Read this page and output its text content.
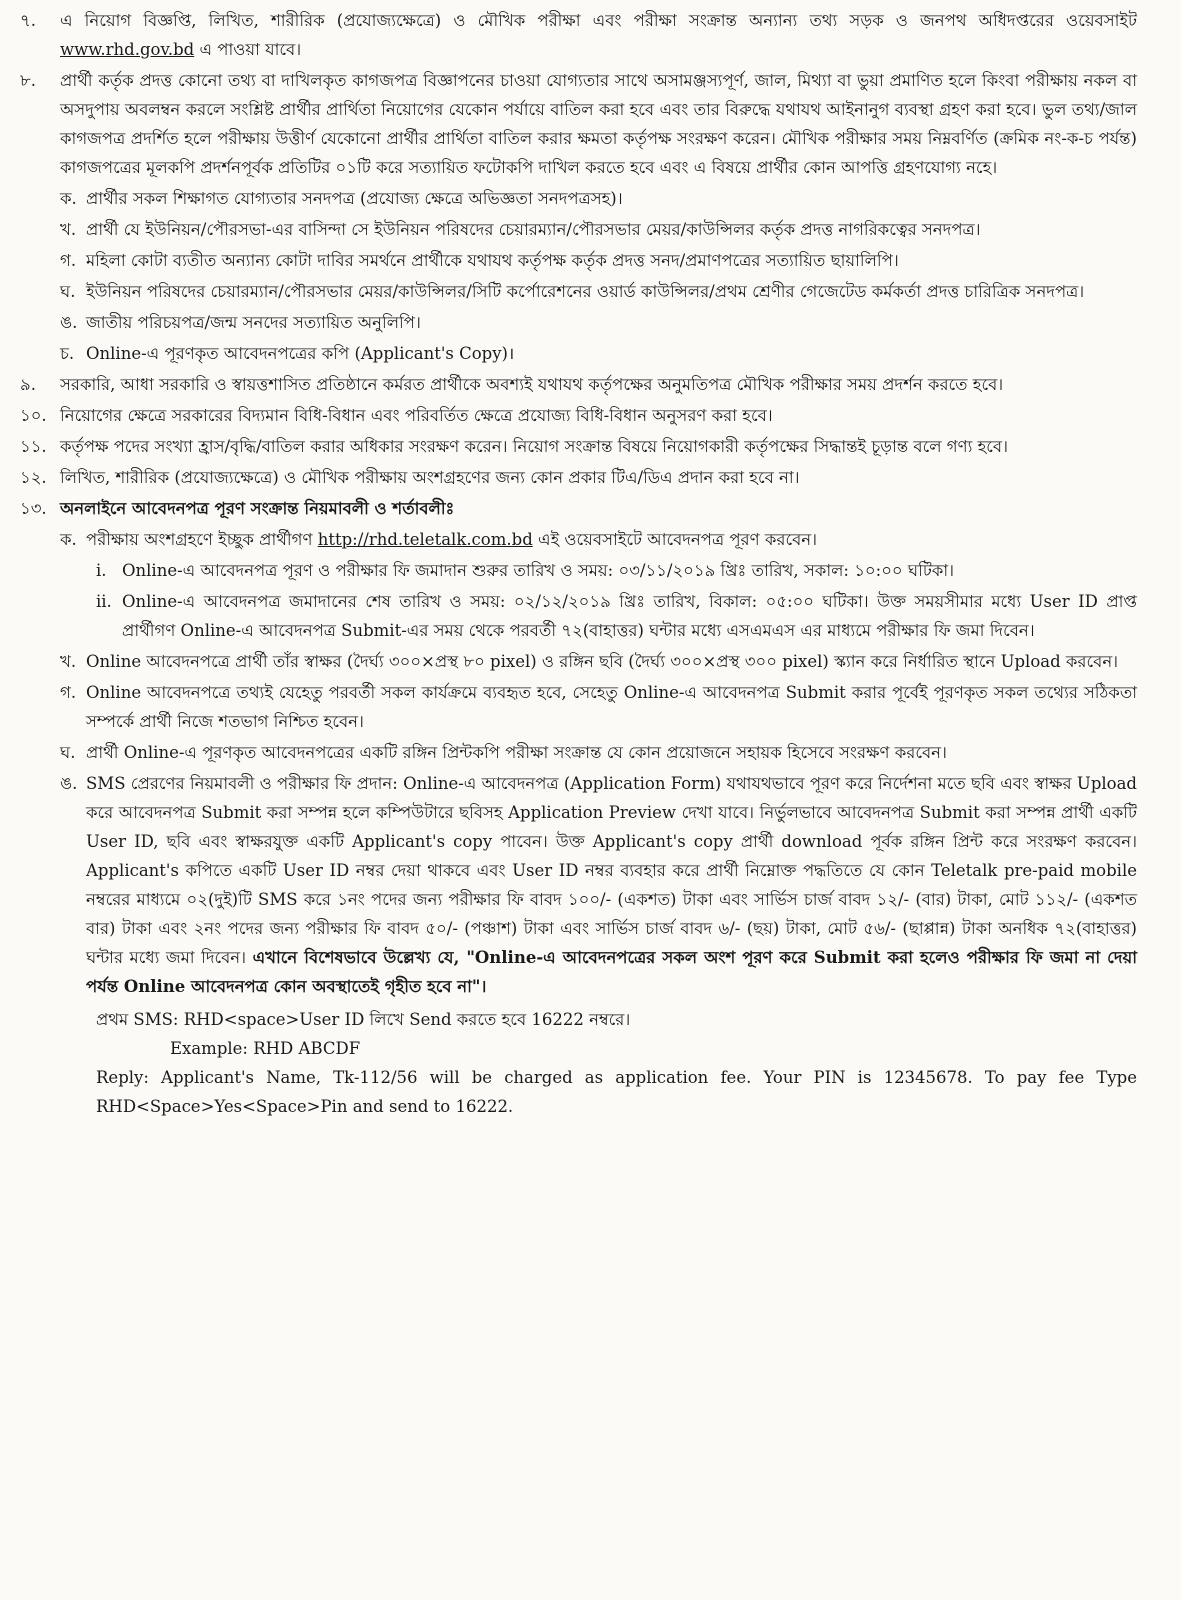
৭.	এ নিয়োগ বিজ্ঞপ্তি, লিখিত, শারীরিক (প্রযোজ্যক্ষেত্রে) ও মৌখিক পরীক্ষা এবং পরীক্ষা সংক্রান্ত অন্যান্য তথ্য সড়ক ও জনপথ অধিদপ্তরের ওয়েবসাইট www.rhd.gov.bd এ পাওয়া যাবে।
৮.	প্রার্থী কর্তৃক প্রদত্ত কোনো তথ্য বা দাখিলকৃত কাগজপত্র বিজ্ঞাপনের চাওয়া যোগ্যতার সাথে অসামঞ্জস্যপূর্ণ, জাল, মিথ্যা বা ভুয়া প্রমাণিত হলে কিংবা পরীক্ষায় নকল বা অসদুপায় অবলম্বন করলে সংশ্লিষ্ট প্রার্থীর প্রার্থিতা নিয়োগের যেকোন পর্যায়ে বাতিল করা হবে এবং তার বিরুদ্ধে যথাযথ আইনানুগ ব্যবস্থা গ্রহণ করা হবে। ভুল তথ্য/জাল কাগজপত্র প্রদর্শিত হলে পরীক্ষায় উত্তীর্ণ যেকোনো প্রার্থীর প্রার্থিতা বাতিল করার ক্ষমতা কর্তৃপক্ষ সংরক্ষণ করেন। মৌখিক পরীক্ষার সময় নিম্নবর্ণিত (ক্রমিক নং-ক-চ পর্যন্ত) কাগজপত্রের মূলকপি প্রদর্শনপূর্বক প্রতিটির ০১টি করে সত্যায়িত ফটোকপি দাখিল করতে হবে এবং এ বিষয়ে প্রার্থীর কোন আপত্তি গ্রহণযোগ্য নহে।
ক. প্রার্থীর সকল শিক্ষাগত যোগ্যতার সনদপত্র (প্রযোজ্য ক্ষেত্রে অভিজ্ঞতা সনদপত্রসহ)।
খ. প্রার্থী যে ইউনিয়ন/পৌরসভা-এর বাসিন্দা সে ইউনিয়ন পরিষদের চেয়ারম্যান/পৌরসভার মেয়র/কাউন্সিলর কর্তৃক প্রদত্ত নাগরিকত্বের সনদপত্র।
গ. মহিলা কোটা ব্যতীত অন্যান্য কোটা দাবির সমর্থনে প্রার্থীকে যথাযথ কর্তৃপক্ষ কর্তৃক প্রদত্ত সনদ/প্রমাণপত্রের সত্যায়িত ছায়ালিপি।
ঘ. ইউনিয়ন পরিষদের চেয়ারম্যান/পৌরসভার মেয়র/কাউন্সিলর/সিটি কর্পোরেশনের ওয়ার্ড কাউন্সিলর/প্রথম শ্রেণীর গেজেটেড কর্মকর্তা প্রদত্ত চারিত্রিক সনদপত্র।
ঙ. জাতীয় পরিচয়পত্র/জন্ম সনদের সত্যায়িত অনুলিপি।
চ. Online-এ পূরণকৃত আবেদনপত্রের কপি (Applicant's Copy)।
৯.	সরকারি, আধা সরকারি ও স্বায়ত্তশাসিত প্রতিষ্ঠানে কর্মরত প্রার্থীকে অবশ্যই যথাযথ কর্তৃপক্ষের অনুমতিপত্র মৌখিক পরীক্ষার সময় প্রদর্শন করতে হবে।
১০. নিয়োগের ক্ষেত্রে সরকারের বিদ্যমান বিধি-বিধান এবং পরিবর্তিত ক্ষেত্রে প্রযোজ্য বিধি-বিধান অনুসরণ করা হবে।
১১. কর্তৃপক্ষ পদের সংখ্যা হ্রাস/বৃদ্ধি/বাতিল করার অধিকার সংরক্ষণ করেন। নিয়োগ সংক্রান্ত বিষয়ে নিয়োগকারী কর্তৃপক্ষের সিদ্ধান্তই চূড়ান্ত বলে গণ্য হবে।
১২. লিখিত, শারীরিক (প্রযোজ্যক্ষেত্রে) ও মৌখিক পরীক্ষায় অংশগ্রহণের জন্য কোন প্রকার টিএ/ডিএ প্রদান করা হবে না।
১৩. অনলাইনে আবেদনপত্র পূরণ সংক্রান্ত নিয়মাবলী ও শর্তাবলীঃ
ক. পরীক্ষায় অংশগ্রহণে ইচ্ছুক প্রার্থীগণ http://rhd.teletalk.com.bd এই ওয়েবসাইটে আবেদনপত্র পূরণ করবেন।
i. Online-এ আবেদনপত্র পূরণ ও পরীক্ষার ফি জমাদান শুরুর তারিখ ও সময়: ০৩/১১/২০১৯ খ্রিঃ তারিখ, সকাল: ১০:০০ ঘটিকা।
ii. Online-এ আবেদনপত্র জমাদানের শেষ তারিখ ও সময়: ০২/১২/২০১৯ খ্রিঃ তারিখ, বিকাল: ০৫:০০ ঘটিকা। উক্ত সময়সীমার মধ্যে User ID প্রাপ্ত প্রার্থীগণ Online-এ আবেদনপত্র Submit-এর সময় থেকে পরবর্তী ৭২(বাহাত্তর) ঘন্টার মধ্যে এসএমএস এর মাধ্যমে পরীক্ষার ফি জমা দিবেন।
খ. Online আবেদনপত্রে প্রার্থী তাঁর স্বাক্ষর (দৈর্ঘ্য ৩০০×প্রস্থ ৮০ pixel) ও রঙ্গিন ছবি (দৈর্ঘ্য ৩০০×প্রস্থ ৩০০ pixel) স্ক্যান করে নির্ধারিত স্থানে Upload করবেন।
গ. Online আবেদনপত্রে তথ্যই যেহেতু পরবর্তী সকল কার্যক্রমে ব্যবহৃত হবে, সেহেতু Online-এ আবেদনপত্র Submit করার পূর্বেই পূরণকৃত সকল তথ্যের সঠিকতা সম্পর্কে প্রার্থী নিজে শতভাগ নিশ্চিত হবেন।
ঘ. প্রার্থী Online-এ পূরণকৃত আবেদনপত্রের একটি রঙ্গিন প্রিন্টকপি পরীক্ষা সংক্রান্ত যে কোন প্রয়োজনে সহায়ক হিসেবে সংরক্ষণ করবেন।
ঙ. SMS প্রেরণের নিয়মাবলী ও পরীক্ষার ফি প্রদান: Online-এ আবেদনপত্র (Application Form) যথাযথভাবে পূরণ করে নির্দেশনা মতে ছবি এবং স্বাক্ষর Upload করে আবেদনপত্র Submit করা সম্পন্ন হলে কম্পিউটারে ছবিসহ Application Preview দেখা যাবে। নির্ভুলভাবে আবেদনপত্র Submit করা সম্পন্ন প্রার্থী একটি User ID, ছবি এবং স্বাক্ষরযুক্ত একটি Applicant's copy পাবেন। উক্ত Applicant's copy প্রার্থী download পূর্বক রঙ্গিন প্রিন্ট করে সংরক্ষণ করবেন। Applicant's কপিতে একটি User ID নম্বর দেয়া থাকবে এবং User ID নম্বর ব্যবহার করে প্রার্থী নিম্নোক্ত পদ্ধতিতে যে কোন Teletalk pre-paid mobile নম্বরের মাধ্যমে ০২(দুই)টি SMS করে ১নং পদের জন্য পরীক্ষার ফি বাবদ ১০০/- (একশত) টাকা এবং সার্ভিস চার্জ বাবদ ১২/- (বার) টাকা, মোট ১১২/- (একশত বার) টাকা এবং ২নং পদের জন্য পরীক্ষার ফি বাবদ ৫০/- (পঞ্চাশ) টাকা এবং সার্ভিস চার্জ বাবদ ৬/- (ছয়) টাকা, মোট ৫৬/- (ছাপ্পান্ন) টাকা অনধিক ৭২(বাহাত্তর) ঘন্টার মধ্যে জমা দিবেন। এখানে বিশেষভাবে উল্লেখ্য যে, "Online-এ আবেদনপত্রের সকল অংশ পূরণ করে Submit করা হলেও পরীক্ষার ফি জমা না দেয়া পর্যন্ত Online আবেদনপত্র কোন অবস্থাতেই গৃহীত হবে না"।
প্রথম SMS: RHD<space>User ID লিখে Send করতে হবে 16222 নম্বরে।
Example: RHD ABCDF
Reply: Applicant's Name, Tk-112/56 will be charged as application fee. Your PIN is 12345678. To pay fee Type RHD<Space>Yes<Space>Pin and send to 16222.
